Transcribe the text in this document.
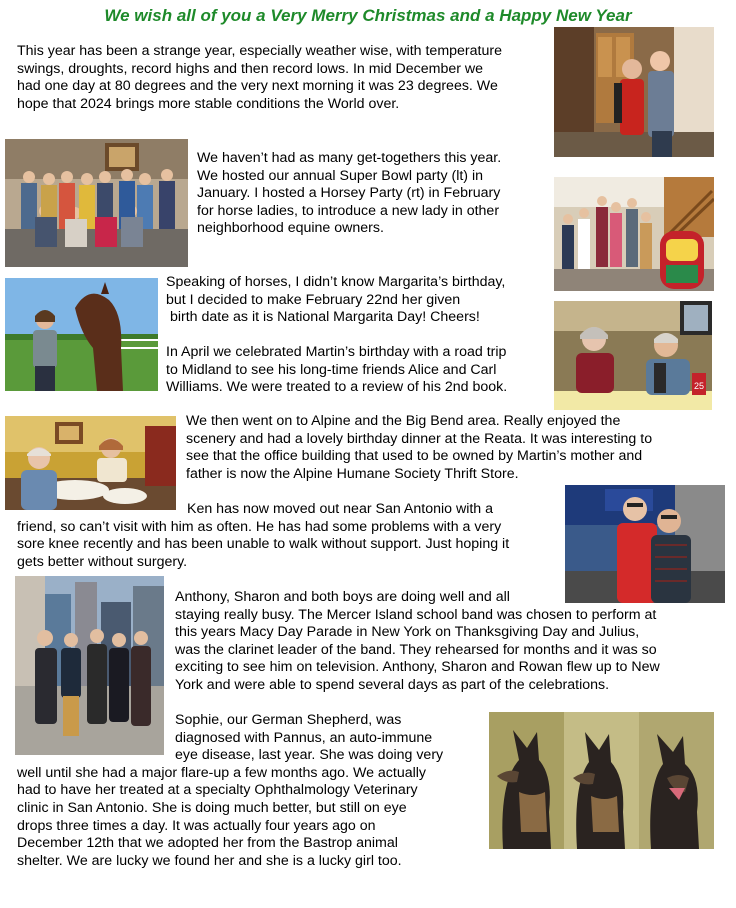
We wish all of you a Very Merry Christmas and a Happy New Year
This year has been a strange year, especially weather wise, with temperature
swings, droughts, record highs and then record lows. In mid December we
had one day at 80 degrees and the very next morning it was 23 degrees. We
hope that 2024 brings more stable conditions the World over.
We haven’t had as many get-togethers this year.
We hosted our annual Super Bowl party (lt) in
January. I hosted a Horsey Party (rt) in February
for horse ladies, to introduce a new lady in other
neighborhood equine owners.
Speaking of horses, I didn’t know Margarita’s birthday,
but I decided to make February 22nd her given
birth date as it is National Margarita Day! Cheers!
In April we celebrated Martin’s birthday with a road trip
to Midland to see his long-time friends Alice and Carl
Williams. We were treated to a review of his 2nd book.
We then went on to Alpine and the Big Bend area. Really enjoyed the
scenery and had a lovely birthday dinner at the Reata. It was interesting to
see that the office building that used to be owned by Martin’s mother and
father is now the Alpine Humane Society Thrift Store.
Ken has now moved out near San Antonio with a
friend, so can’t visit with him as often. He has had some problems with a very
sore knee recently and has been unable to walk without support. Just hoping it
gets better without surgery.
Anthony, Sharon and both boys are doing well and all
staying really busy. The Mercer Island school band was chosen to perform at
this years Macy Day Parade in New York on Thanksgiving Day and Julius,
was the clarinet leader of the band. They rehearsed for months and it was so
exciting to see him on television. Anthony, Sharon and Rowan flew up to New
York and were able to spend several days as part of the celebrations.
Sophie, our German Shepherd, was
diagnosed with Pannus, an auto-immune
eye disease, last year. She was doing very
well until she had a major flare-up a few months ago. We actually
had to have her treated at a specialty Ophthalmology Veterinary
clinic in San Antonio. She is doing much better, but still on eye
drops three times a day. It was actually four years ago on
December 12th that we adopted her from the Bastrop animal
shelter. We are lucky we found her and she is a lucky girl too.
25
